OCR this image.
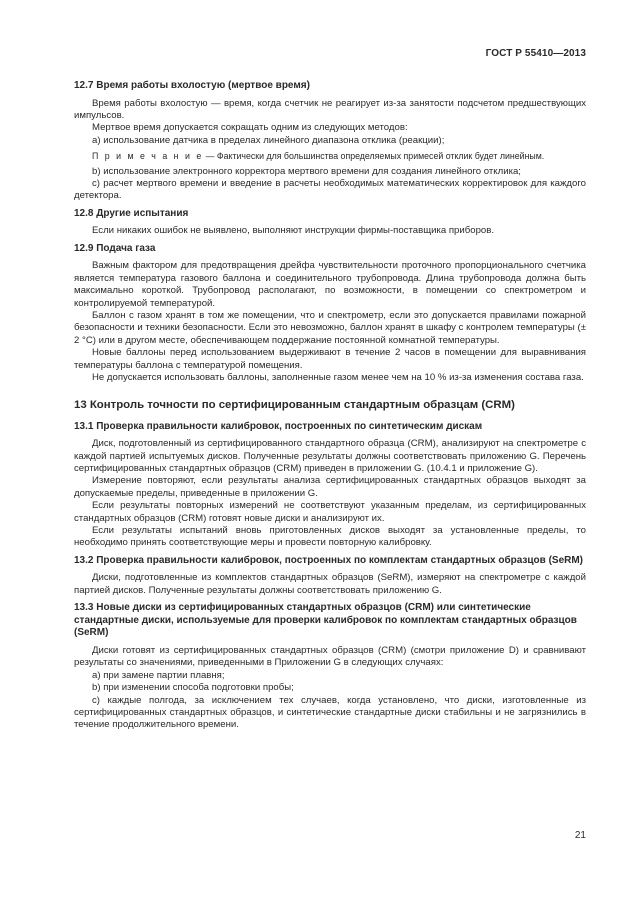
ГОСТ Р 55410—2013
12.7 Время работы вхолостую (мертвое время)

Время работы вхолостую — время, когда счетчик не реагирует из-за занятости подсчетом предшествующих импульсов.

Мертвое время допускается сокращать одним из следующих методов:

а) использование датчика в пределах линейного диапазона отклика (реакции);

П р и м е ч а н и е — Фактически для большинства определяемых примесей отклик будет линейным.

b) использование электронного корректора мертвого времени для создания линейного отклика;

c) расчет мертвого времени и введение в расчеты необходимых математических корректировок для каждого детектора.

12.8 Другие испытания

Если никаких ошибок не выявлено, выполняют инструкции фирмы-поставщика приборов.

12.9 Подача газа

Важным фактором для предотвращения дрейфа чувствительности проточного пропорционального счетчика является температура газового баллона и соединительного трубопровода. Длина трубопровода должна быть максимально короткой. Трубопровод располагают, по возможности, в помещении со спектрометром и контролируемой температурой.

Баллон с газом хранят в том же помещении, что и спектрометр, если это допускается правилами пожарной безопасности и техники безопасности. Если это невозможно, баллон хранят в шкафу с контролем температуры (± 2 °С) или в другом месте, обеспечивающем поддержание постоянной комнатной температуры.

Новые баллоны перед использованием выдерживают в течение 2 часов в помещении для выравнивания температуры баллона с температурой помещения.

Не допускается использовать баллоны, заполненные газом менее чем на 10 % из-за изменения состава газа.

13 Контроль точности по сертифицированным стандартным образцам (CRM)
13.1 Проверка правильности калибровок, построенных по синтетическим дискам

Диск, подготовленный из сертифицированного стандартного образца (CRM), анализируют на спектрометре с каждой партией испытуемых дисков. Полученные результаты должны соответствовать приложению G. Перечень сертифицированных стандартных образцов (CRM) приведен в приложении G. (10.4.1 и приложение G).

Измерение повторяют, если результаты анализа сертифицированных стандартных образцов выходят за допускаемые пределы, приведенные в приложении G.

Если результаты повторных измерений не соответствуют указанным пределам, из сертифицированных стандартных образцов (CRM) готовят новые диски и анализируют их.

Если результаты испытаний вновь приготовленных дисков выходят за установленные пределы, то необходимо принять соответствующие меры и провести повторную калибровку.

13.2 Проверка правильности калибровок, построенных по комплектам стандартных образцов (SeRM)

Диски, подготовленные из комплектов стандартных образцов (SeRM), измеряют на спектрометре с каждой партией дисков. Полученные результаты должны соответствовать приложению G.

13.3 Новые диски из сертифицированных стандартных образцов (CRM) или синтетические стандартные диски, используемые для проверки калибровок по комплектам стандартных образцов (SeRM)

Диски готовят из сертифицированных стандартных образцов (CRM) (смотри приложение D) и сравнивают результаты со значениями, приведенными в Приложении G в следующих случаях:

а) при замене партии плавня;

b) при изменении способа подготовки пробы;

c) каждые полгода, за исключением тех случаев, когда установлено, что диски, изготовленные из сертифицированных стандартных образцов, и синтетические стандартные диски стабильны и не загрязнились в течение продолжительного времени.

21
